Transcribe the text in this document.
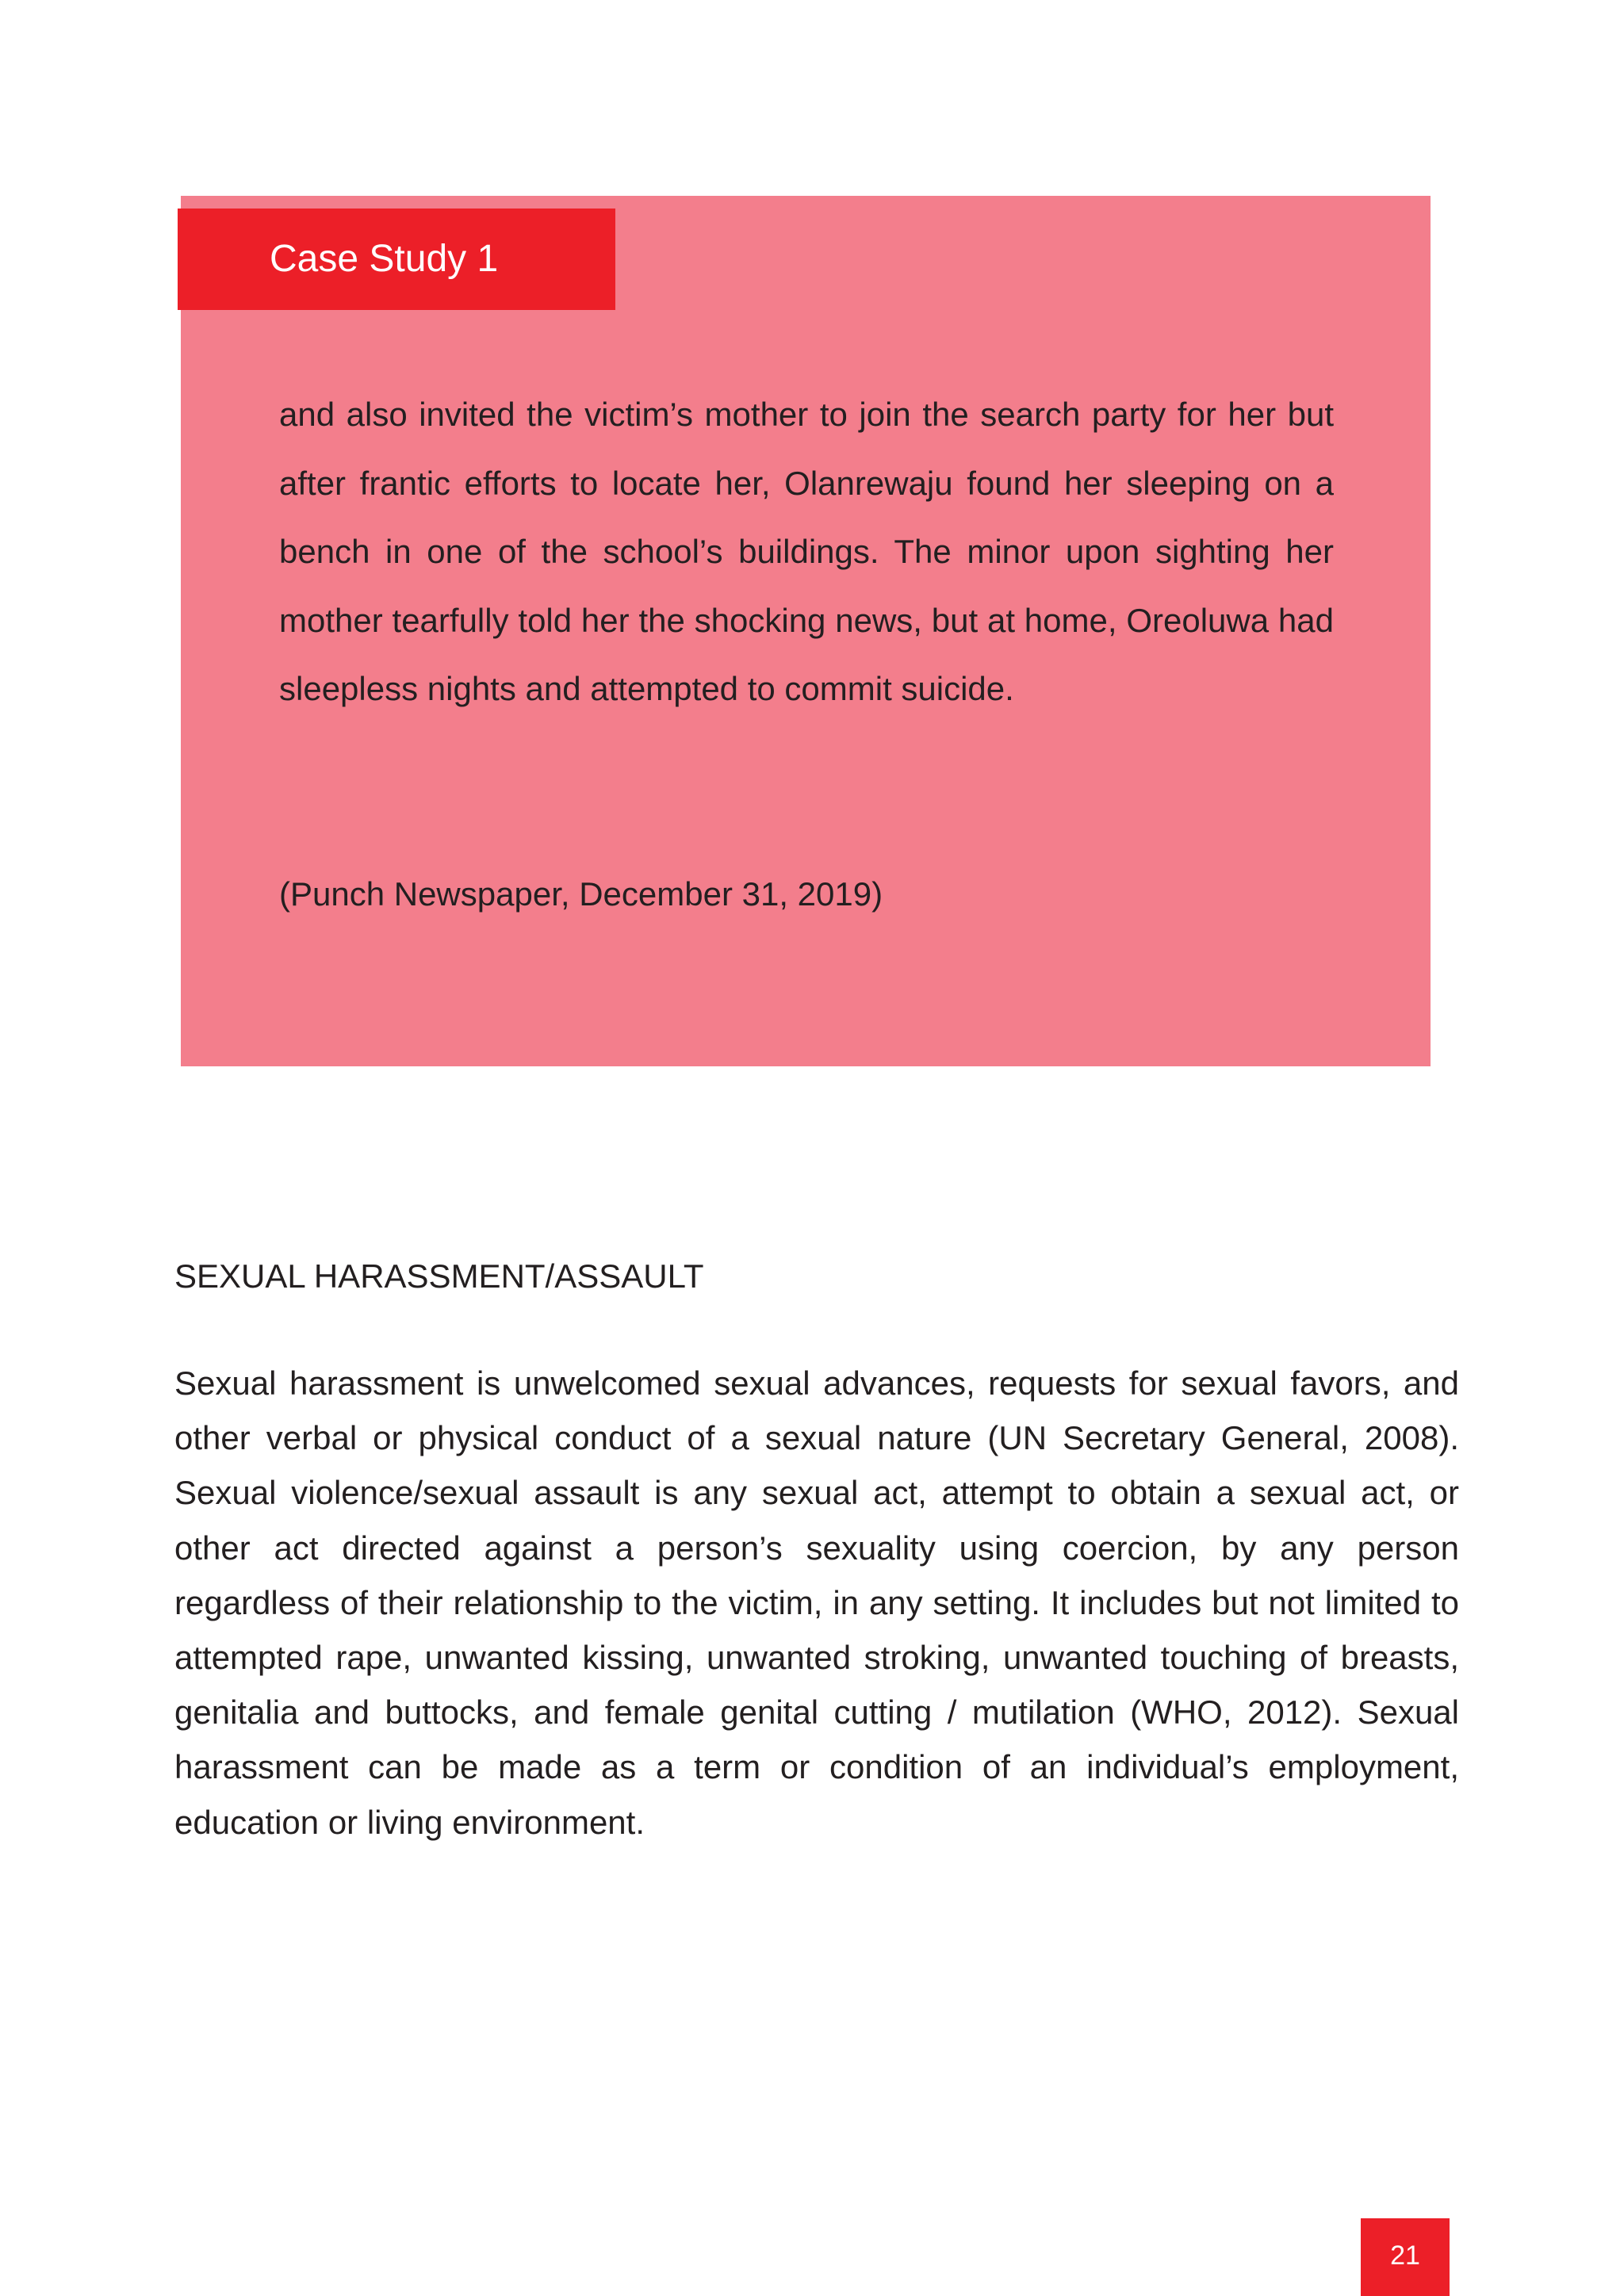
Case Study 1

and also invited the victim’s mother to join the search party for her but after frantic efforts to locate her, Olanrewaju found her sleeping on a bench in one of the school’s buildings. The minor upon sighting her mother tearfully told her the shocking news, but at home, Oreoluwa had sleepless nights and attempted to commit suicide.

(Punch Newspaper, December 31, 2019)
SEXUAL HARASSMENT/ASSAULT

Sexual harassment is unwelcomed sexual advances, requests for sexual favors, and other verbal or physical conduct of a sexual nature (UN Secretary General, 2008). Sexual violence/sexual assault is any sexual act, attempt to obtain a sexual act, or other act directed against a person’s sexuality using coercion, by any person regardless of their relationship to the victim, in any setting. It includes but not limited to attempted rape, unwanted kissing, unwanted stroking, unwanted touching of breasts, genitalia and buttocks, and female genital cutting / mutilation (WHO, 2012). Sexual harassment can be made as a term or condition of an individual’s employment, education or living environment.

21
